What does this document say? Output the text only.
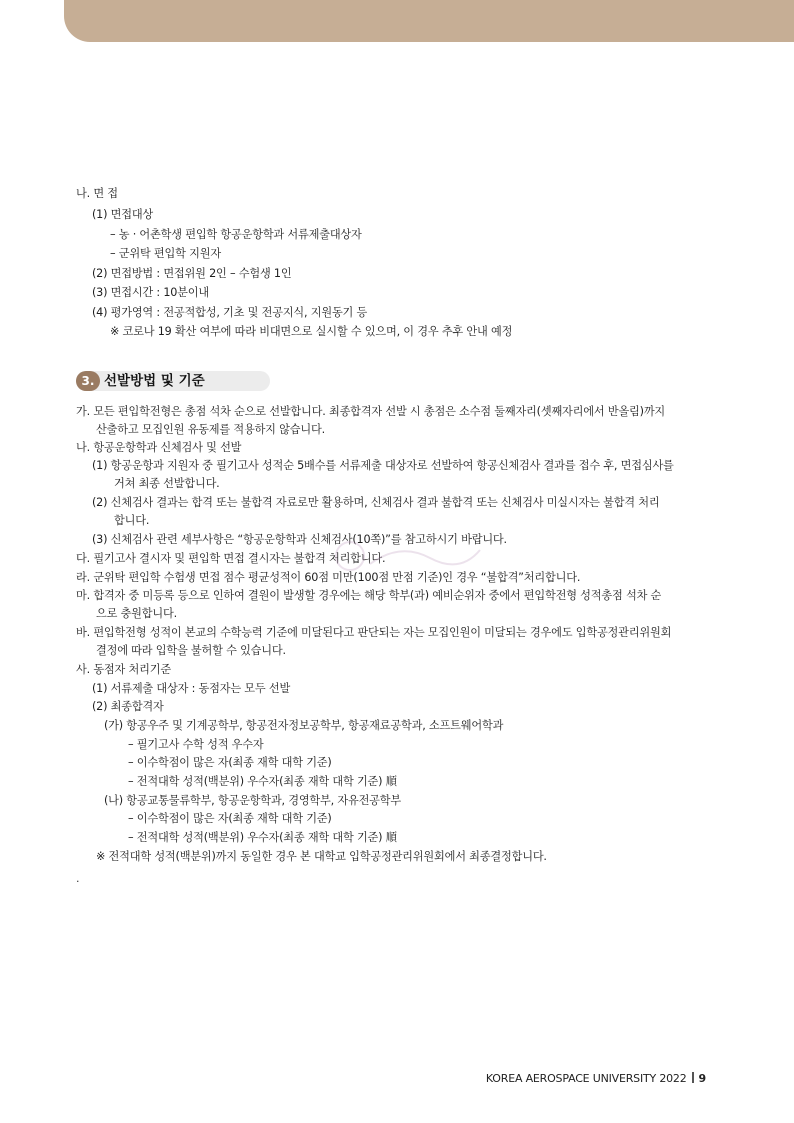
나. 면 접
(1) 면접대상
– 농 · 어촌학생 편입학 항공운항학과 서류제출대상자
– 군위탁 편입학 지원자
(2) 면접방법 : 면접위원 2인 – 수험생 1인
(3) 면접시간 : 10분이내
(4) 평가영역 : 전공적합성, 기초 및 전공지식, 지원동기 등
※ 코로나 19 확산 여부에 따라 비대면으로 실시할 수 있으며, 이 경우 추후 안내 예정
3. 선발방법 및 기준
가. 모든 편입학전형은 총점 석차 순으로 선발합니다. 최종합격자 선발 시 총점은 소수점 둘째자리(셋째자리에서 반올림)까지
산출하고 모집인원 유동제를 적용하지 않습니다.
나. 항공운항학과 신체검사 및 선발
(1) 항공운항과 지원자 중 필기고사 성적순 5배수를 서류제출 대상자로 선발하여 항공신체검사 결과를 접수 후, 면접심사를
거쳐 최종 선발합니다.
(2) 신체검사 결과는 합격 또는 불합격 자료로만 활용하며, 신체검사 결과 불합격 또는 신체검사 미실시자는 불합격 처리
합니다.
(3) 신체검사 관련 세부사항은 “항공운항학과 신체검사(10쪽)”를 참고하시기 바랍니다.
다. 필기고사 결시자 및 편입학 면접 결시자는 불합격 처리합니다.
라. 군위탁 편입학 수험생 면접 점수 평균성적이 60점 미만(100점 만점 기준)인 경우 “불합격”처리합니다.
마. 합격자 중 미등록 등으로 인하여 결원이 발생할 경우에는 해당 학부(과) 예비순위자 중에서 편입학전형 성적총점 석차 순
으로 충원합니다.
바. 편입학전형 성적이 본교의 수학능력 기준에 미달된다고 판단되는 자는 모집인원이 미달되는 경우에도 입학공정관리위원회
결정에 따라 입학을 불허할 수 있습니다.
사. 동점자 처리기준
(1) 서류제출 대상자 : 동점자는 모두 선발
(2) 최종합격자
(가) 항공우주 및 기계공학부, 항공전자정보공학부, 항공재료공학과, 소프트웨어학과
– 필기고사 수학 성적 우수자
– 이수학점이 많은 자(최종 재학 대학 기준)
– 전적대학 성적(백분위) 우수자(최종 재학 대학 기준) 順
(나) 항공교통물류학부, 항공운항학과, 경영학부, 자유전공학부
– 이수학점이 많은 자(최종 재학 대학 기준)
– 전적대학 성적(백분위) 우수자(최종 재학 대학 기준) 順
※ 전적대학 성적(백분위)까지 동일한 경우 본 대학교 입학공정관리위원회에서 최종결정합니다.
.
KOREA AEROSPACE UNIVERSITY 2022 9
